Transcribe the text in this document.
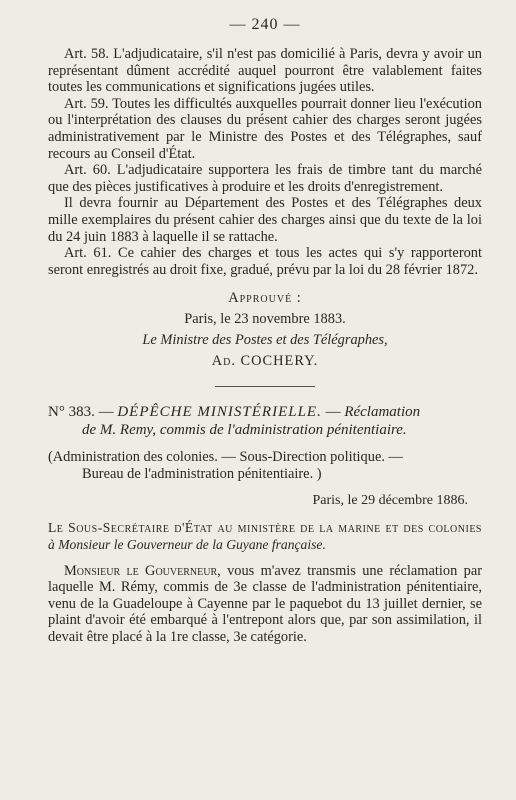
— 240 —

Art. 58. L'adjudicataire, s'il n'est pas domicilié à Paris, devra y avoir un représentant dûment accrédité auquel pourront être valablement faites toutes les communications et significations jugées utiles.

Art. 59. Toutes les difficultés auxquelles pourrait donner lieu l'exécution ou l'interprétation des clauses du présent cahier des charges seront jugées administrativement par le Ministre des Postes et des Télégraphes, sauf recours au Conseil d'État.

Art. 60. L'adjudicataire supportera les frais de timbre tant du marché que des pièces justificatives à produire et les droits d'enregistrement.

Il devra fournir au Département des Postes et des Télégraphes deux mille exemplaires du présent cahier des charges ainsi que du texte de la loi du 24 juin 1883 à laquelle il se rattache.

Art. 61. Ce cahier des charges et tous les actes qui s'y rapporteront seront enregistrés au droit fixe, gradué, prévu par la loi du 28 février 1872.

Approuvé :
Paris, le 23 novembre 1883.
Le Ministre des Postes et des Télégraphes,
Ad. COCHERY.
N° 383. — DÉPÊCHE MINISTÉRIELLE. — Réclamation
de M. Remy, commis de l'administration pénitentiaire.
(Administration des colonies. — Sous-Direction politique. —
Bureau de l'administration pénitentiaire. )
Paris, le 29 décembre 1886.

Le Sous-Secrétaire d'État au ministère de la marine et des colonies à Monsieur le Gouverneur de la Guyane française.

Monsieur le Gouverneur, vous m'avez transmis une réclamation par laquelle M. Rémy, commis de 3e classe de l'administration pénitentiaire, venu de la Guadeloupe à Cayenne par le paquebot du 13 juillet dernier, se plaint d'avoir été embarqué à l'entrepont alors que, par son assimilation, il devait être placé à la 1re classe, 3e catégorie.
